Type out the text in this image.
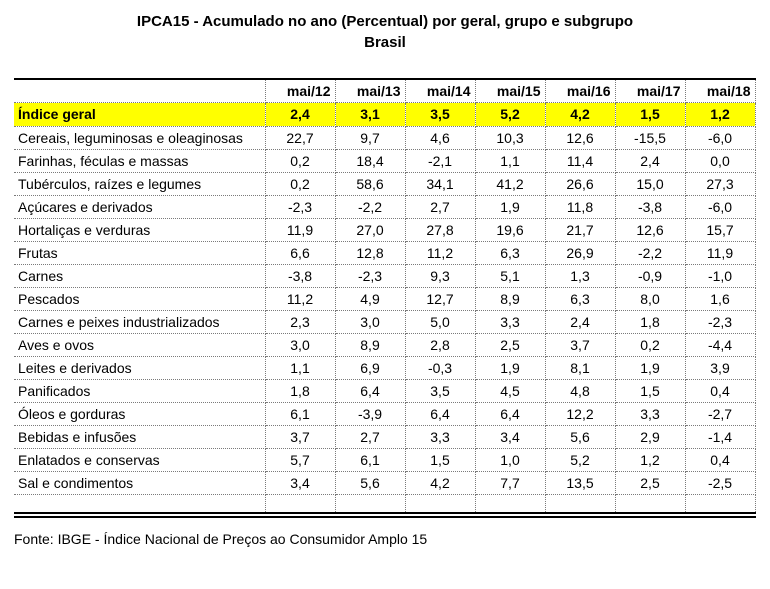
IPCA15 - Acumulado no ano (Percentual) por geral, grupo e subgrupo
Brasil
	mai/12	mai/13	mai/14	mai/15	mai/16	mai/17	mai/18
Índice geral	2,4	3,1	3,5	5,2	4,2	1,5	1,2
Cereais, leguminosas e oleaginosas	22,7	9,7	4,6	10,3	12,6	-15,5	-6,0
Farinhas, féculas e massas	0,2	18,4	-2,1	1,1	11,4	2,4	0,0
Tubérculos, raízes e legumes	0,2	58,6	34,1	41,2	26,6	15,0	27,3
Açúcares e derivados	-2,3	-2,2	2,7	1,9	11,8	-3,8	-6,0
Hortaliças e verduras	11,9	27,0	27,8	19,6	21,7	12,6	15,7
Frutas	6,6	12,8	11,2	6,3	26,9	-2,2	11,9
Carnes	-3,8	-2,3	9,3	5,1	1,3	-0,9	-1,0
Pescados	11,2	4,9	12,7	8,9	6,3	8,0	1,6
Carnes e peixes industrializados	2,3	3,0	5,0	3,3	2,4	1,8	-2,3
Aves e ovos	3,0	8,9	2,8	2,5	3,7	0,2	-4,4
Leites e derivados	1,1	6,9	-0,3	1,9	8,1	1,9	3,9
Panificados	1,8	6,4	3,5	4,5	4,8	1,5	0,4
Óleos e gorduras	6,1	-3,9	6,4	6,4	12,2	3,3	-2,7
Bebidas e infusões	3,7	2,7	3,3	3,4	5,6	2,9	-1,4
Enlatados e conservas	5,7	6,1	1,5	1,0	5,2	1,2	0,4
Sal e condimentos	3,4	5,6	4,2	7,7	13,5	2,5	-2,5

Fonte: IBGE - Índice Nacional de Preços ao Consumidor Amplo 15
